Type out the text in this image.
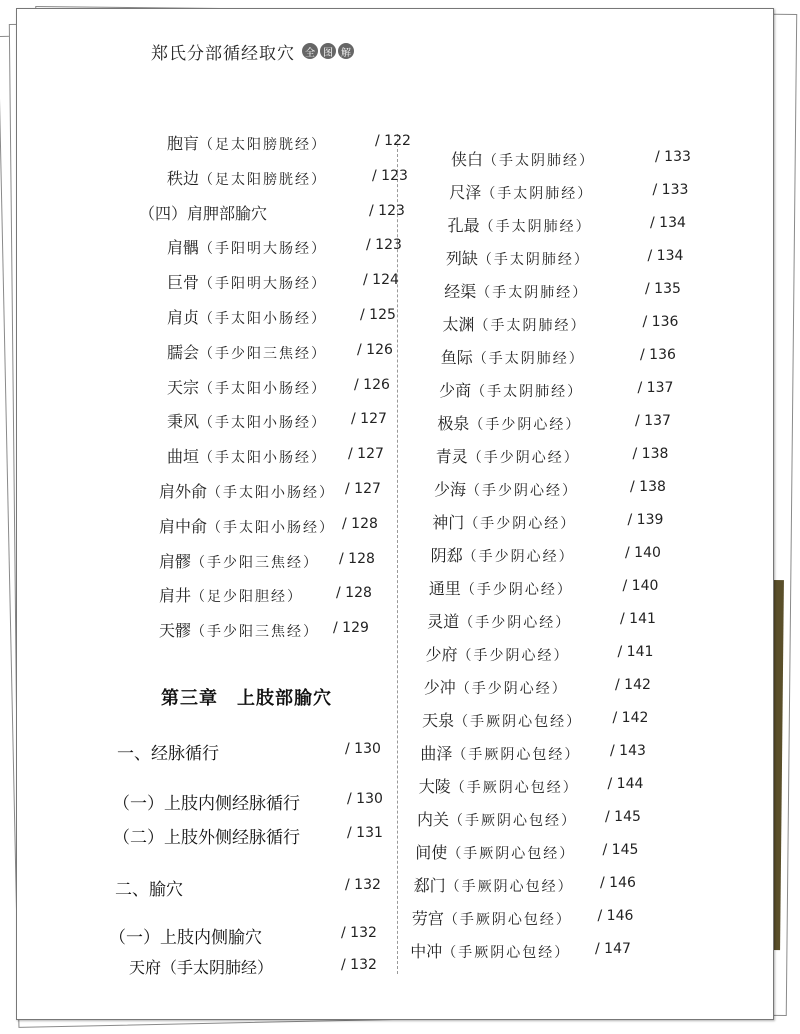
郑氏分部循经取穴	全 图 解
胞肓（足太阳膀胱经）	/ 122
秩边（足太阳膀胱经）	/ 123
（四）肩胛部腧穴	/ 123
肩髃（手阳明大肠经）	/ 123
巨骨（手阳明大肠经）	/ 124
肩贞（手太阳小肠经） / 125
臑会（手少阳三焦经） / 126
天宗（手太阳小肠经） / 126
秉风（手太阳小肠经） / 127
曲垣（手太阳小肠经） / 127
肩外俞（手太阳小肠经） / 127
肩中俞（手太阳小肠经） / 128
肩髎（手少阳三焦经） / 128
肩井（足少阳胆经） / 128
天髎（手少阳三焦经） / 129
第三章　上肢部腧穴
一、经脉循行	/ 130
（一）上肢内侧经脉循行	/ 130
（二）上肢外侧经脉循行	/ 131
二、腧穴	/ 132
（一）上肢内侧腧穴	/ 132
天府（手太阴肺经）	/ 132
侠白（手太阴肺经）	/ 133
尺泽（手太阴肺经）	/ 133
孔最（手太阴肺经）	/ 134
列缺（手太阴肺经）	/ 134
经渠（手太阴肺经）	/ 135
太渊（手太阴肺经）	/ 136
鱼际（手太阴肺经）	/ 136
少商（手太阴肺经）	/ 137
极泉（手少阴心经）	/ 137
青灵（手少阴心经）	/ 138
少海（手少阴心经）	/ 138
神门（手少阴心经）	/ 139
阴郄（手少阴心经）	/ 140
通里（手少阴心经）	/ 140
灵道（手少阴心经）	/ 141
少府（手少阴心经）	/ 141
少冲（手少阴心经）	/ 142
天泉（手厥阴心包经） / 142
曲泽（手厥阴心包经） / 143
大陵（手厥阴心包经） / 144
内关（手厥阴心包经） / 145
间使（手厥阴心包经） / 145
郄门（手厥阴心包经） / 146
劳宫（手厥阴心包经） / 146
中冲（手厥阴心包经） / 147
